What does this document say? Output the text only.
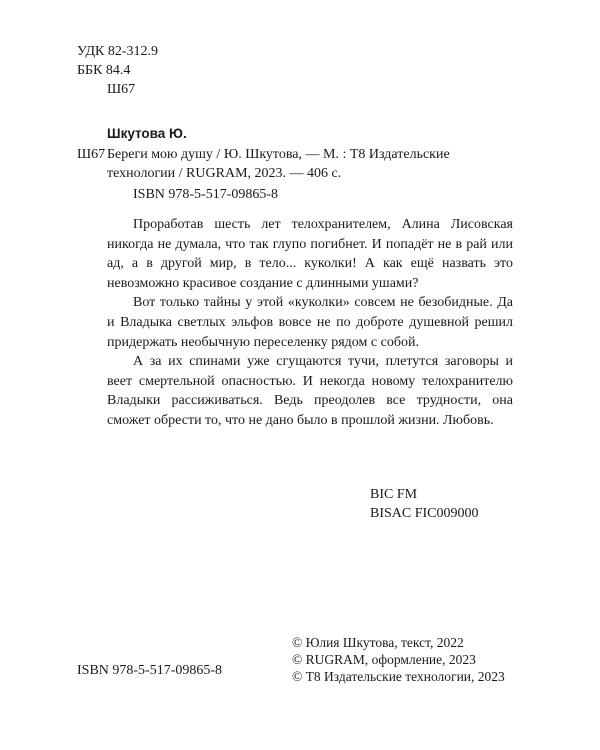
УДК 82-312.9
ББК 84.4
Ш67
Шкутова Ю.
Ш67 Береги мою душу / Ю. Шкутова, — М. : Т8 Издательские
технологии / RUGRAM, 2023. — 406 с.
ISBN 978-5-517-09865-8

Проработав шесть лет телохранителем, Алина Лисовская никогда не думала, что так глупо погибнет. И попадёт не в рай или ад, а в другой мир, в тело... куколки! А как ещё назвать это невозможно красивое создание с длинными ушами?

Вот только тайны у этой «куколки» совсем не безобидные. Да и Владыка светлых эльфов вовсе не по доброте душевной решил придержать необычную переселенку рядом с собой.

А за их спинами уже сгущаются тучи, плетутся заговоры и веет смертельной опасностью. И некогда новому телохранителю Владыки рассиживаться. Ведь преодолев все трудности, она сможет обрести то, что не дано было в прошлой жизни. Любовь.

BIC FM
BISAC FIC009000
ISBN 978-5-517-09865-8
© Юлия Шкутова, текст, 2022
© RUGRAM, оформление, 2023
© Т8 Издательские технологии, 2023
